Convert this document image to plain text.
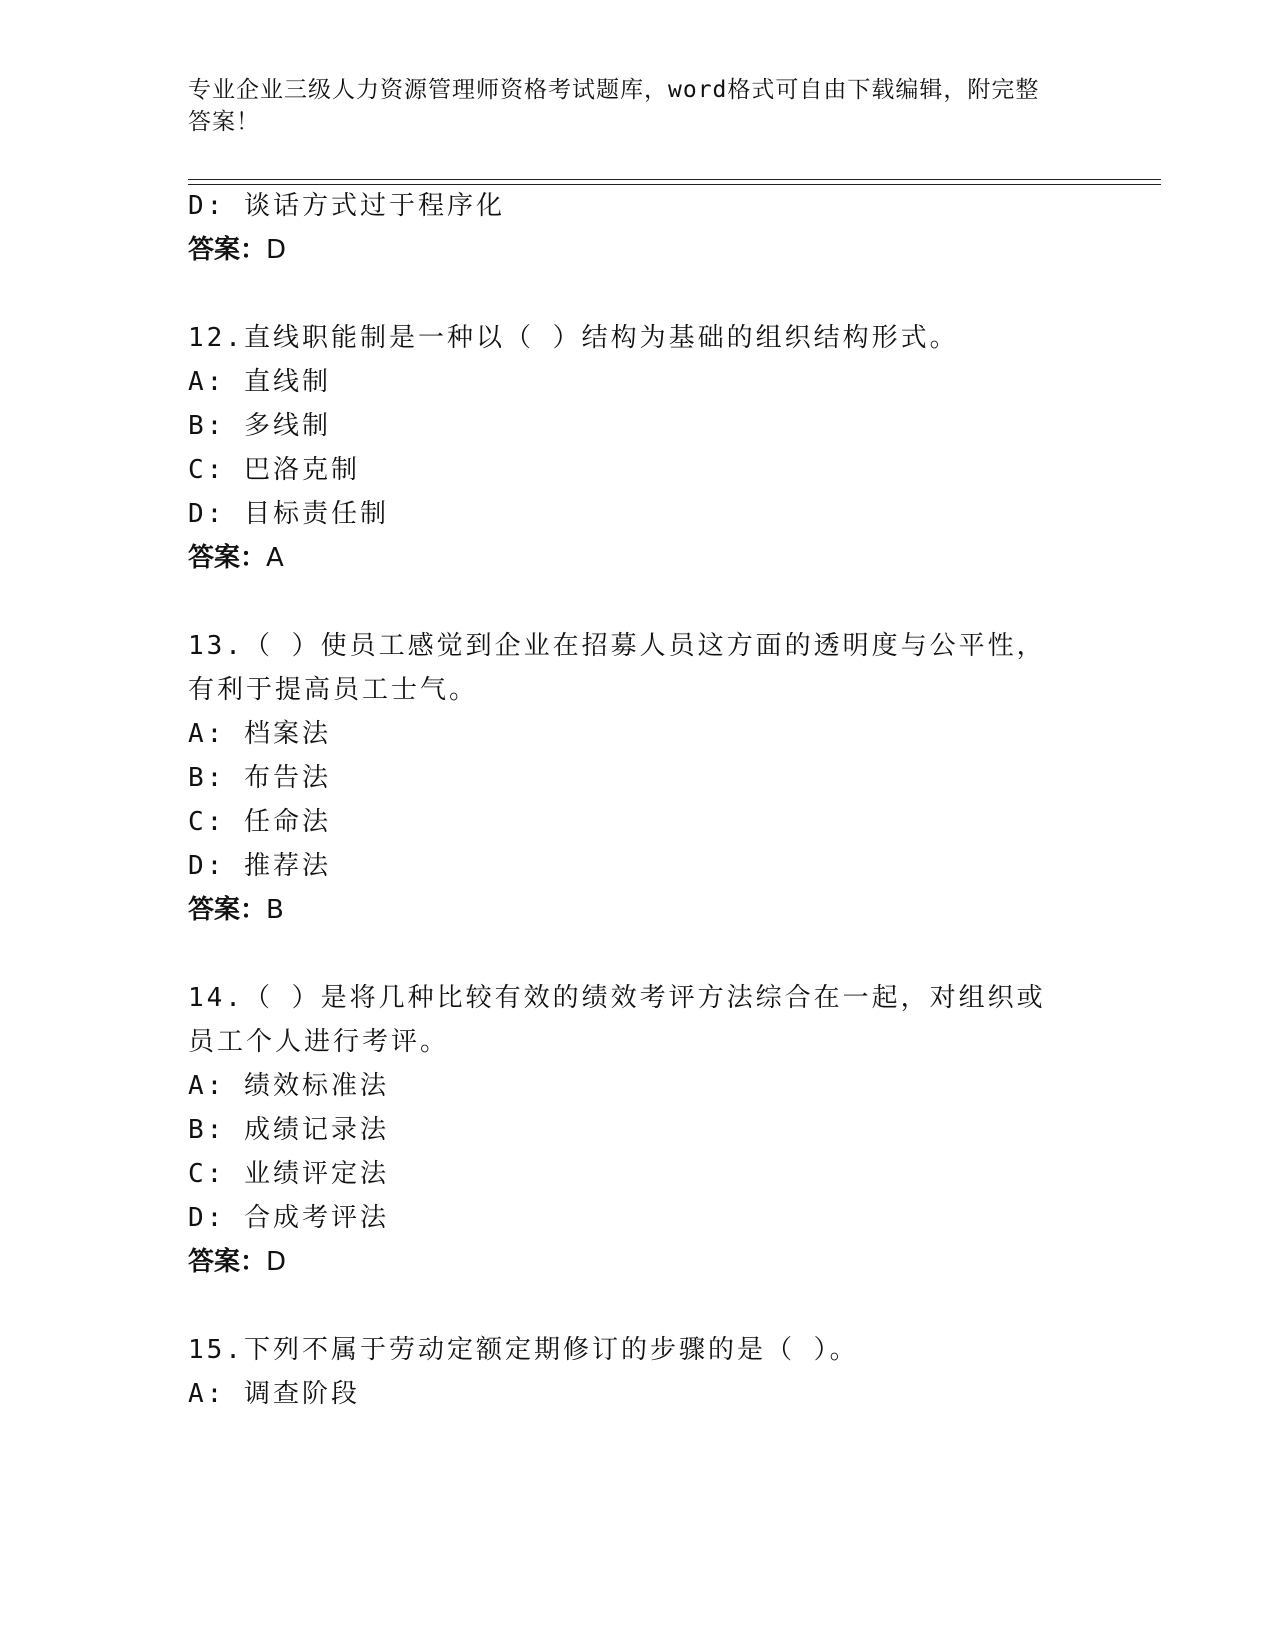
专业企业三级人力资源管理师资格考试题库，word格式可自由下载编辑，附完整
答案！
D: 谈话方式过于程序化
答案：D
12.直线职能制是一种以（ ）结构为基础的组织结构形式。
A: 直线制
B: 多线制
C: 巴洛克制
D: 目标责任制
答案：A
13.（ ）使员工感觉到企业在招募人员这方面的透明度与公平性，
有利于提高员工士气。
A: 档案法
B: 布告法
C: 任命法
D: 推荐法
答案：B
14.（ ）是将几种比较有效的绩效考评方法综合在一起，对组织或
员工个人进行考评。
A: 绩效标准法
B: 成绩记录法
C: 业绩评定法
D: 合成考评法
答案：D
15.下列不属于劳动定额定期修订的步骤的是（ ）。
A: 调查阶段
